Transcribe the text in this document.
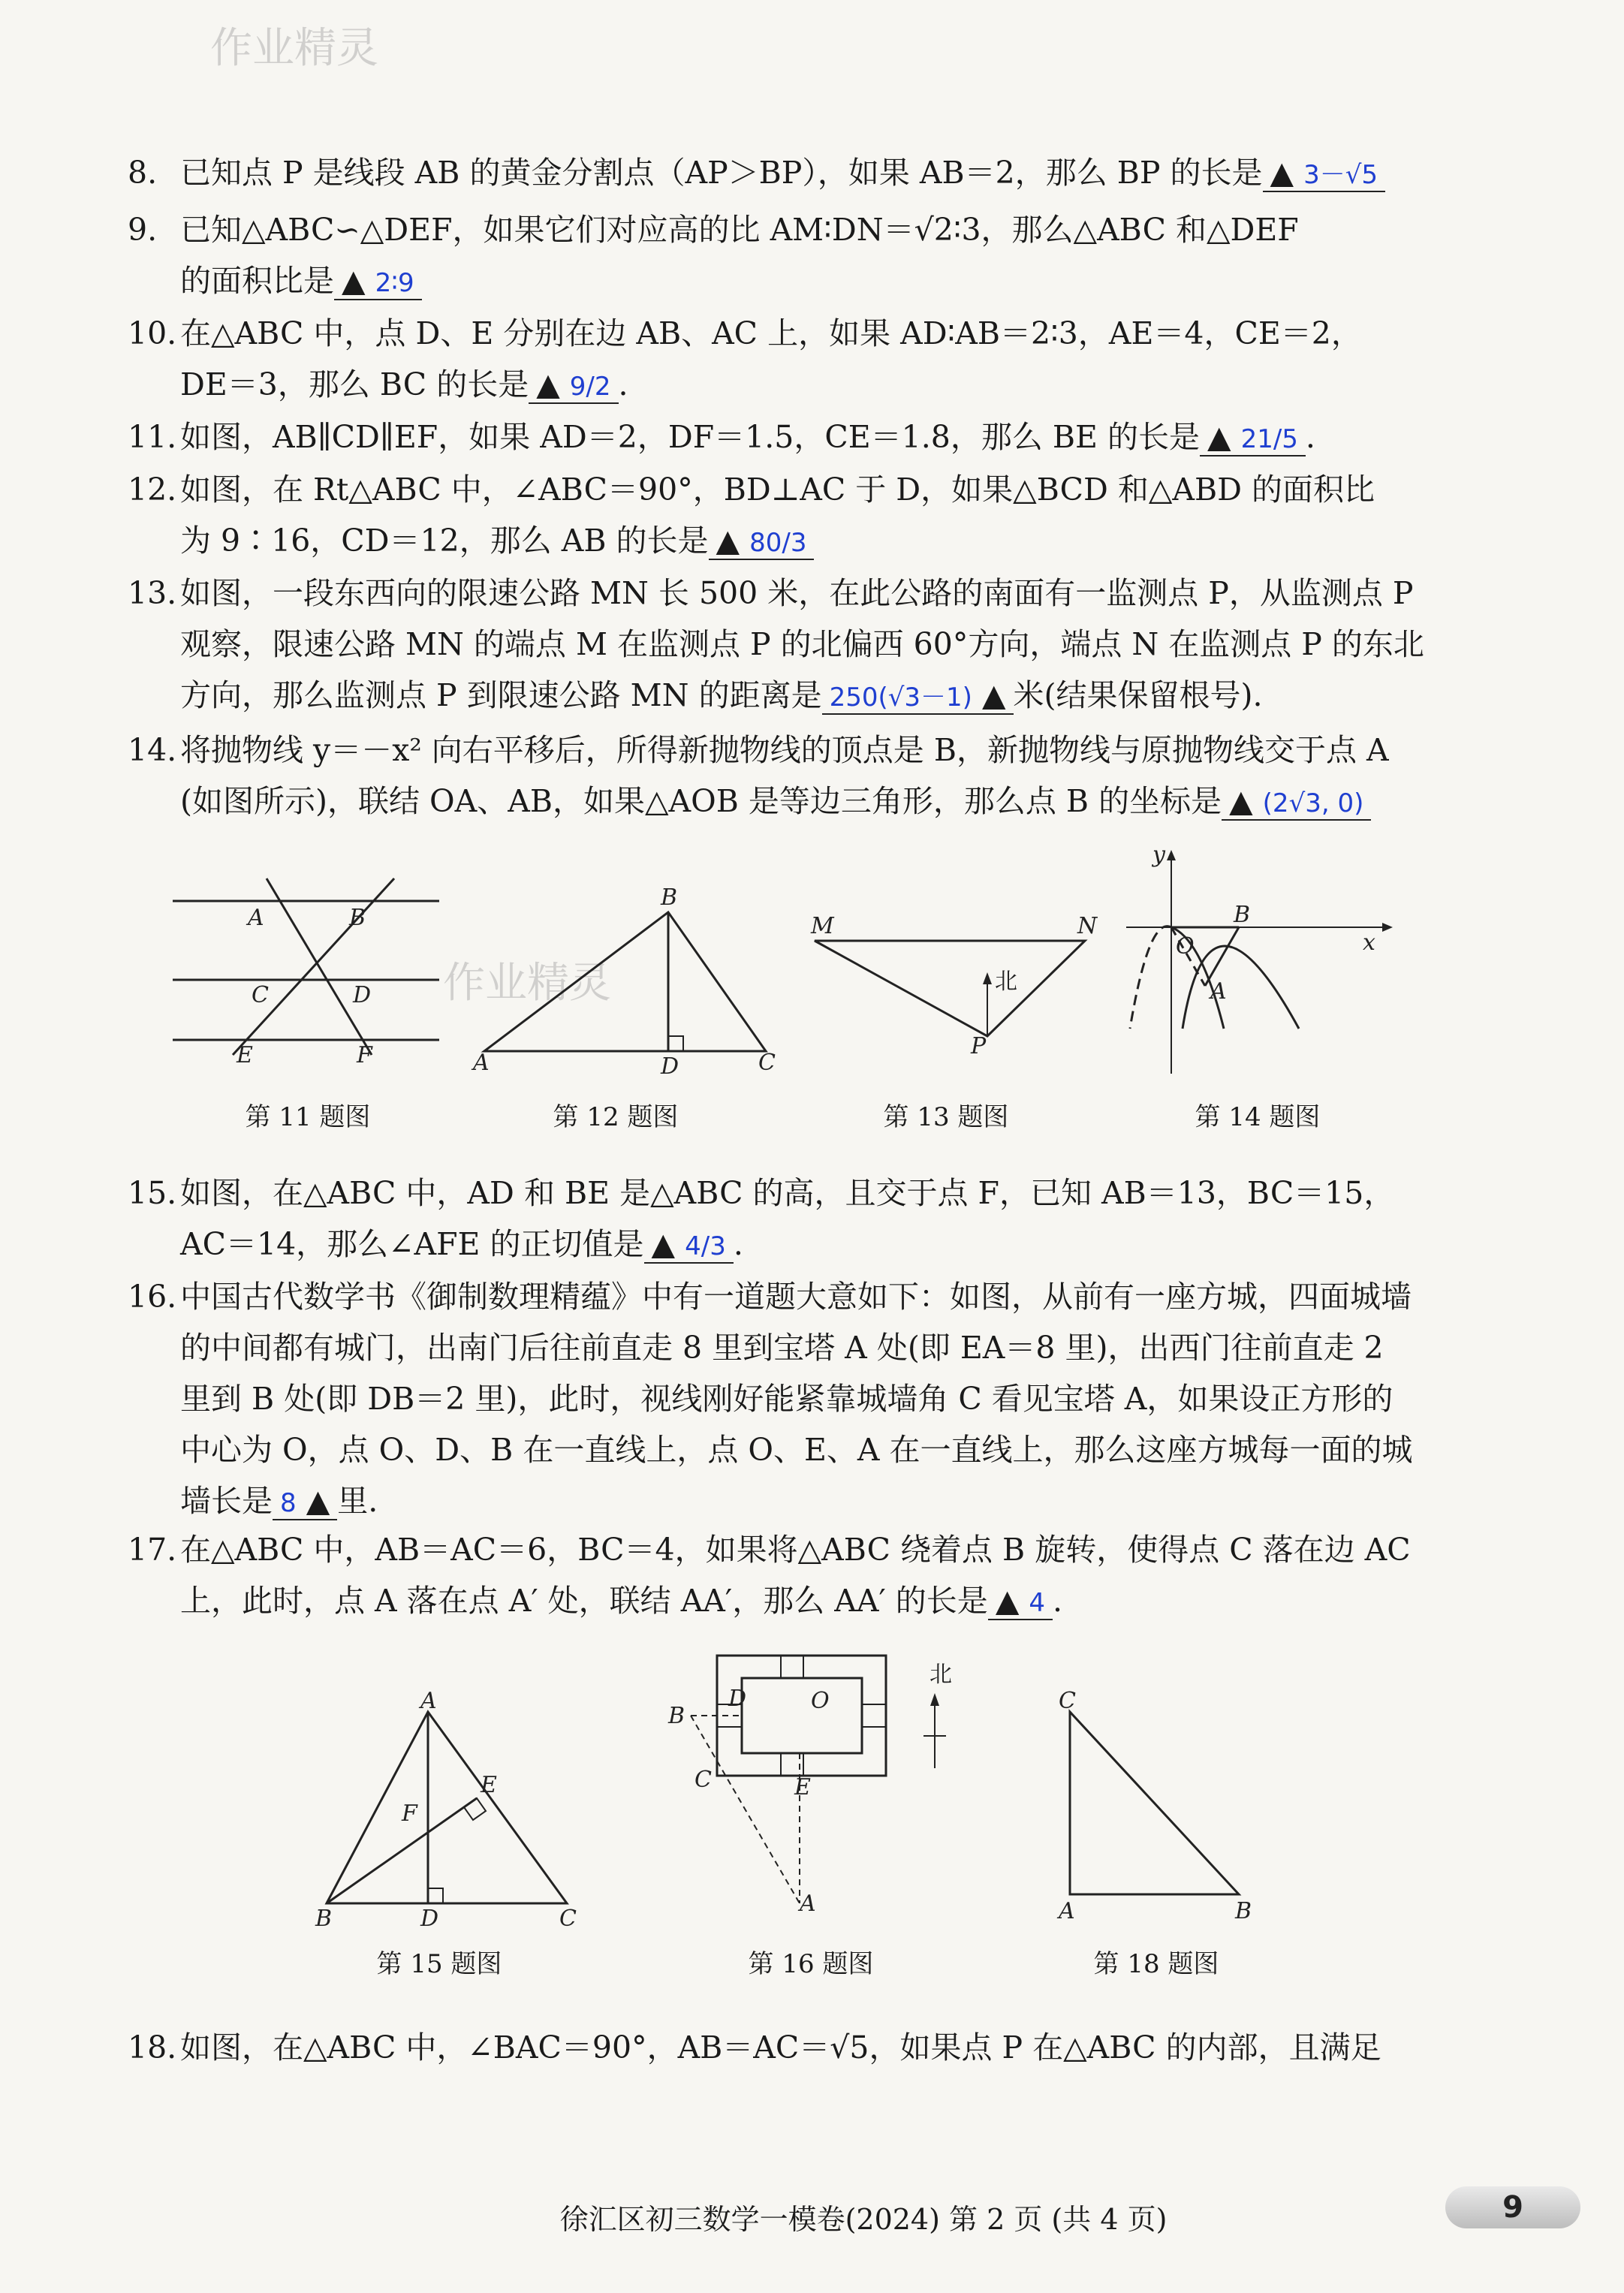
作业精灵
作业精灵
8. 已知点 P 是线段 AB 的黄金分割点（AP＞BP），如果 AB＝2，那么 BP 的长是 ▲ 3－√5
9. 已知△ABC∽△DEF，如果它们对应高的比 AM∶DN＝√2∶3，那么△ABC 和△DEF
的面积比是 ▲ 2∶9
10. 在△ABC 中，点 D、E 分别在边 AB、AC 上，如果 AD∶AB＝2∶3，AE＝4，CE＝2，
DE＝3，那么 BC 的长是 ▲ 9/2 .
11. 如图，AB∥CD∥EF，如果 AD＝2，DF＝1.5，CE＝1.8，那么 BE 的长是 ▲ 21/5 .
12. 如图，在 Rt△ABC 中，∠ABC＝90°，BD⊥AC 于 D，如果△BCD 和△ABD 的面积比
为 9∶16，CD＝12，那么 AB 的长是 ▲ 80/3
13. 如图，一段东西向的限速公路 MN 长 500 米，在此公路的南面有一监测点 P，从监测点 P
观察，限速公路 MN 的端点 M 在监测点 P 的北偏西 60°方向，端点 N 在监测点 P 的东北
方向，那么监测点 P 到限速公路 MN 的距离是 250(√3－1) ▲ 米(结果保留根号).
14. 将抛物线 y＝－x² 向右平移后，所得新抛物线的顶点是 B，新抛物线与原抛物线交于点 A
(如图所示)，联结 OA、AB，如果△AOB 是等边三角形，那么点 B 的坐标是 ▲ (2√3, 0)
A	B
C	D
E	F
第 11 题图
B
A	D	C
第 12 题图
M	N
P
北
第 13 题图
y
x
O
B
A
第 14 题图
15. 如图，在△ABC 中，AD 和 BE 是△ABC 的高，且交于点 F，已知 AB＝13，BC＝15，
AC＝14，那么∠AFE 的正切值是 ▲ 4/3 .
16. 中国古代数学书《御制数理精蕴》中有一道题大意如下：如图，从前有一座方城，四面城墙
的中间都有城门，出南门后往前直走 8 里到宝塔 A 处(即 EA＝8 里)，出西门往前直走 2
里到 B 处(即 DB＝2 里)，此时，视线刚好能紧靠城墙角 C 看见宝塔 A，如果设正方形的
中心为 O，点 O、D、B 在一直线上，点 O、E、A 在一直线上，那么这座方城每一面的城
墙长是 8 ▲ 里.
17. 在△ABC 中，AB＝AC＝6，BC＝4，如果将△ABC 绕着点 B 旋转，使得点 C 落在边 AC
上，此时，点 A 落在点 A′ 处，联结 AA′，那么 AA′ 的长是 ▲ 4 .
A
E
F
B	D	C
第 15 题图
O
D
B
C	E
A
北
第 16 题图
C
A	B
第 18 题图
18. 如图，在△ABC 中，∠BAC＝90°，AB＝AC＝√5，如果点 P 在△ABC 的内部，且满足
徐汇区初三数学一模卷(2024) 第 2 页 (共 4 页)	9
